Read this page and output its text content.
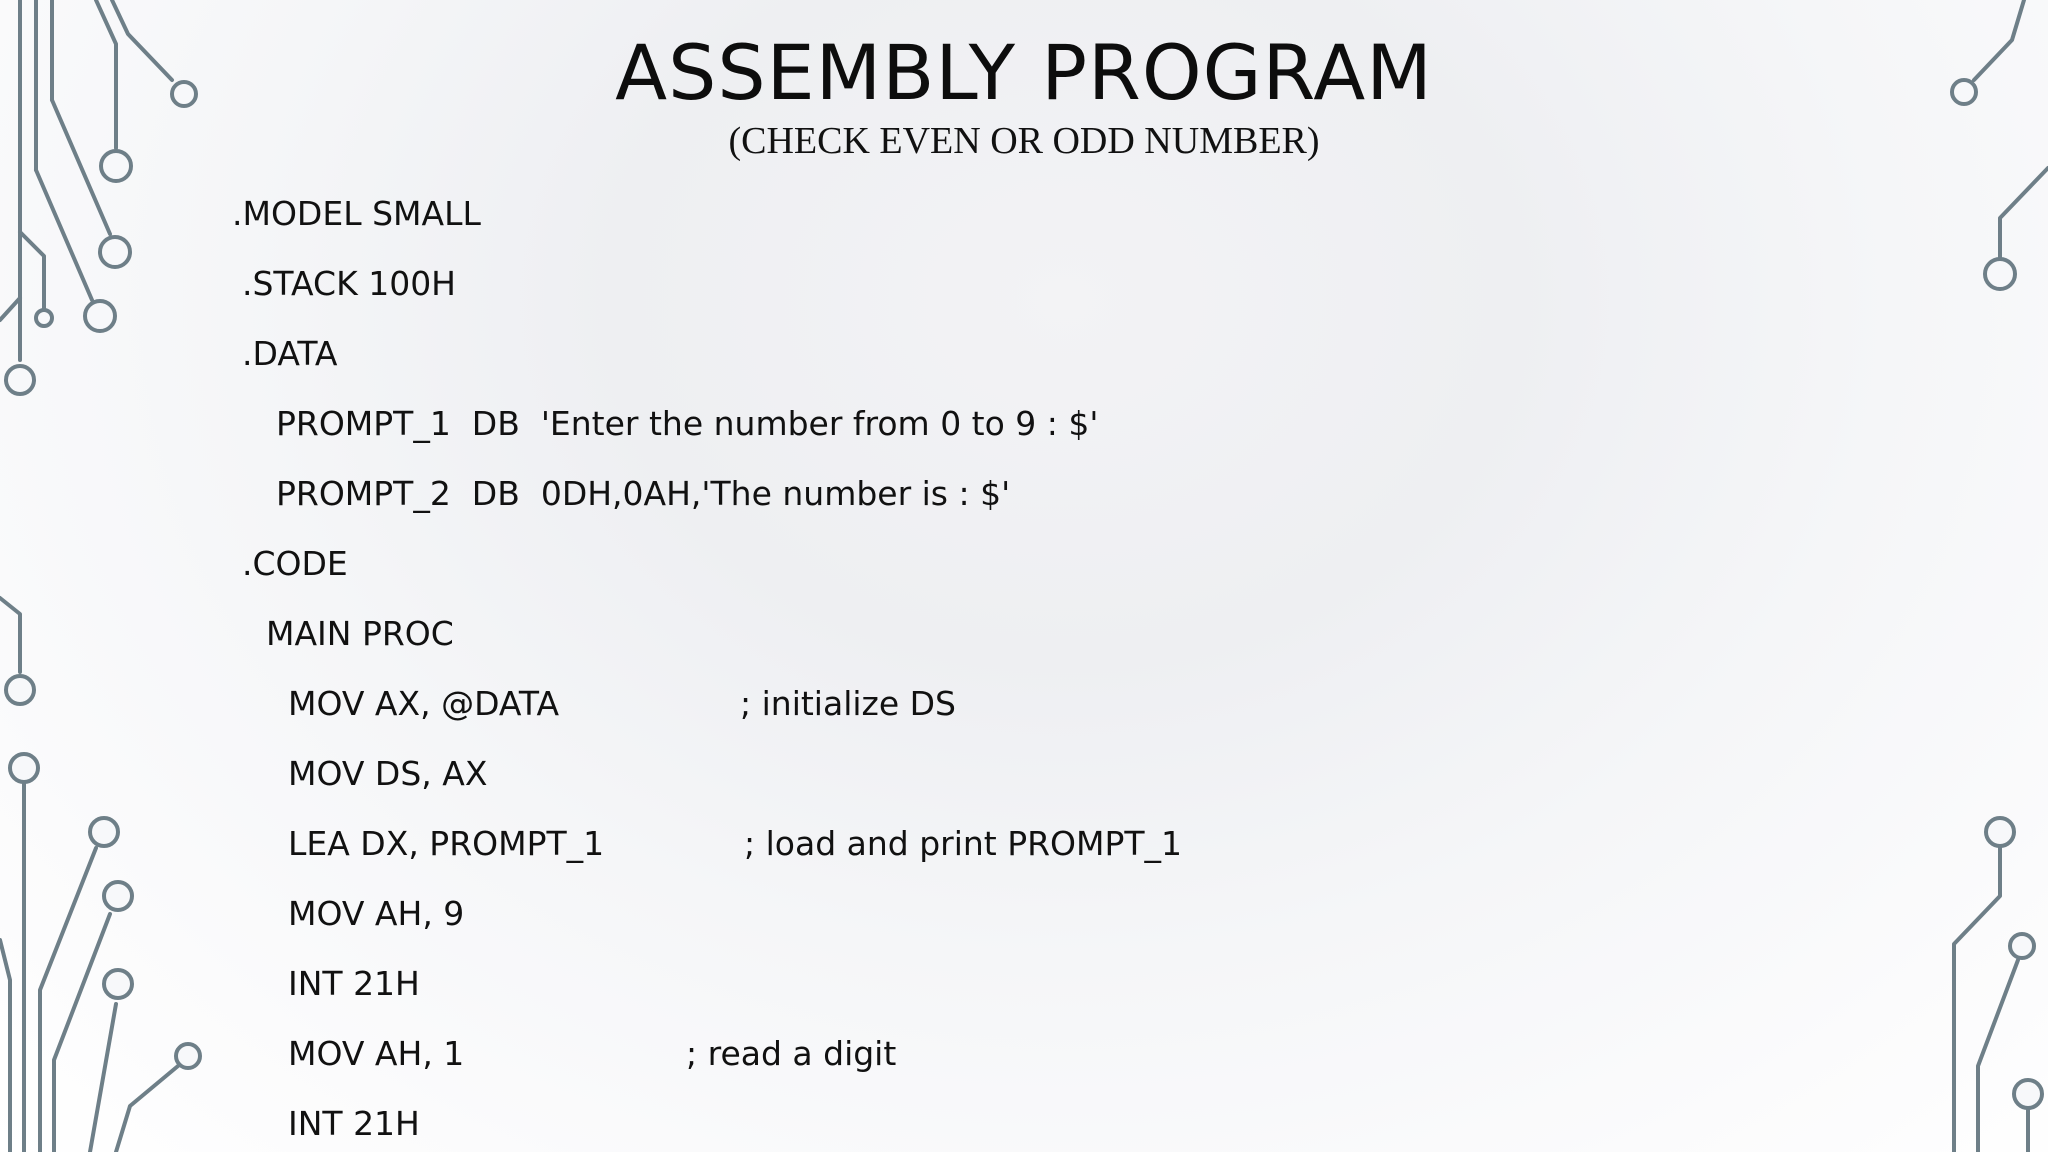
ASSEMBLY PROGRAM
(CHECK EVEN OR ODD NUMBER)
.MODEL SMALL
.STACK 100H
.DATA
PROMPT_1  DB  'Enter the number from 0 to 9 : $'
PROMPT_2  DB  0DH,0AH,'The number is : $'
.CODE
MAIN PROC
MOV AX, @DATA	; initialize DS
MOV DS, AX
LEA DX, PROMPT_1	; load and print PROMPT_1
MOV AH, 9
INT 21H
MOV AH, 1	; read a digit
INT 21H
